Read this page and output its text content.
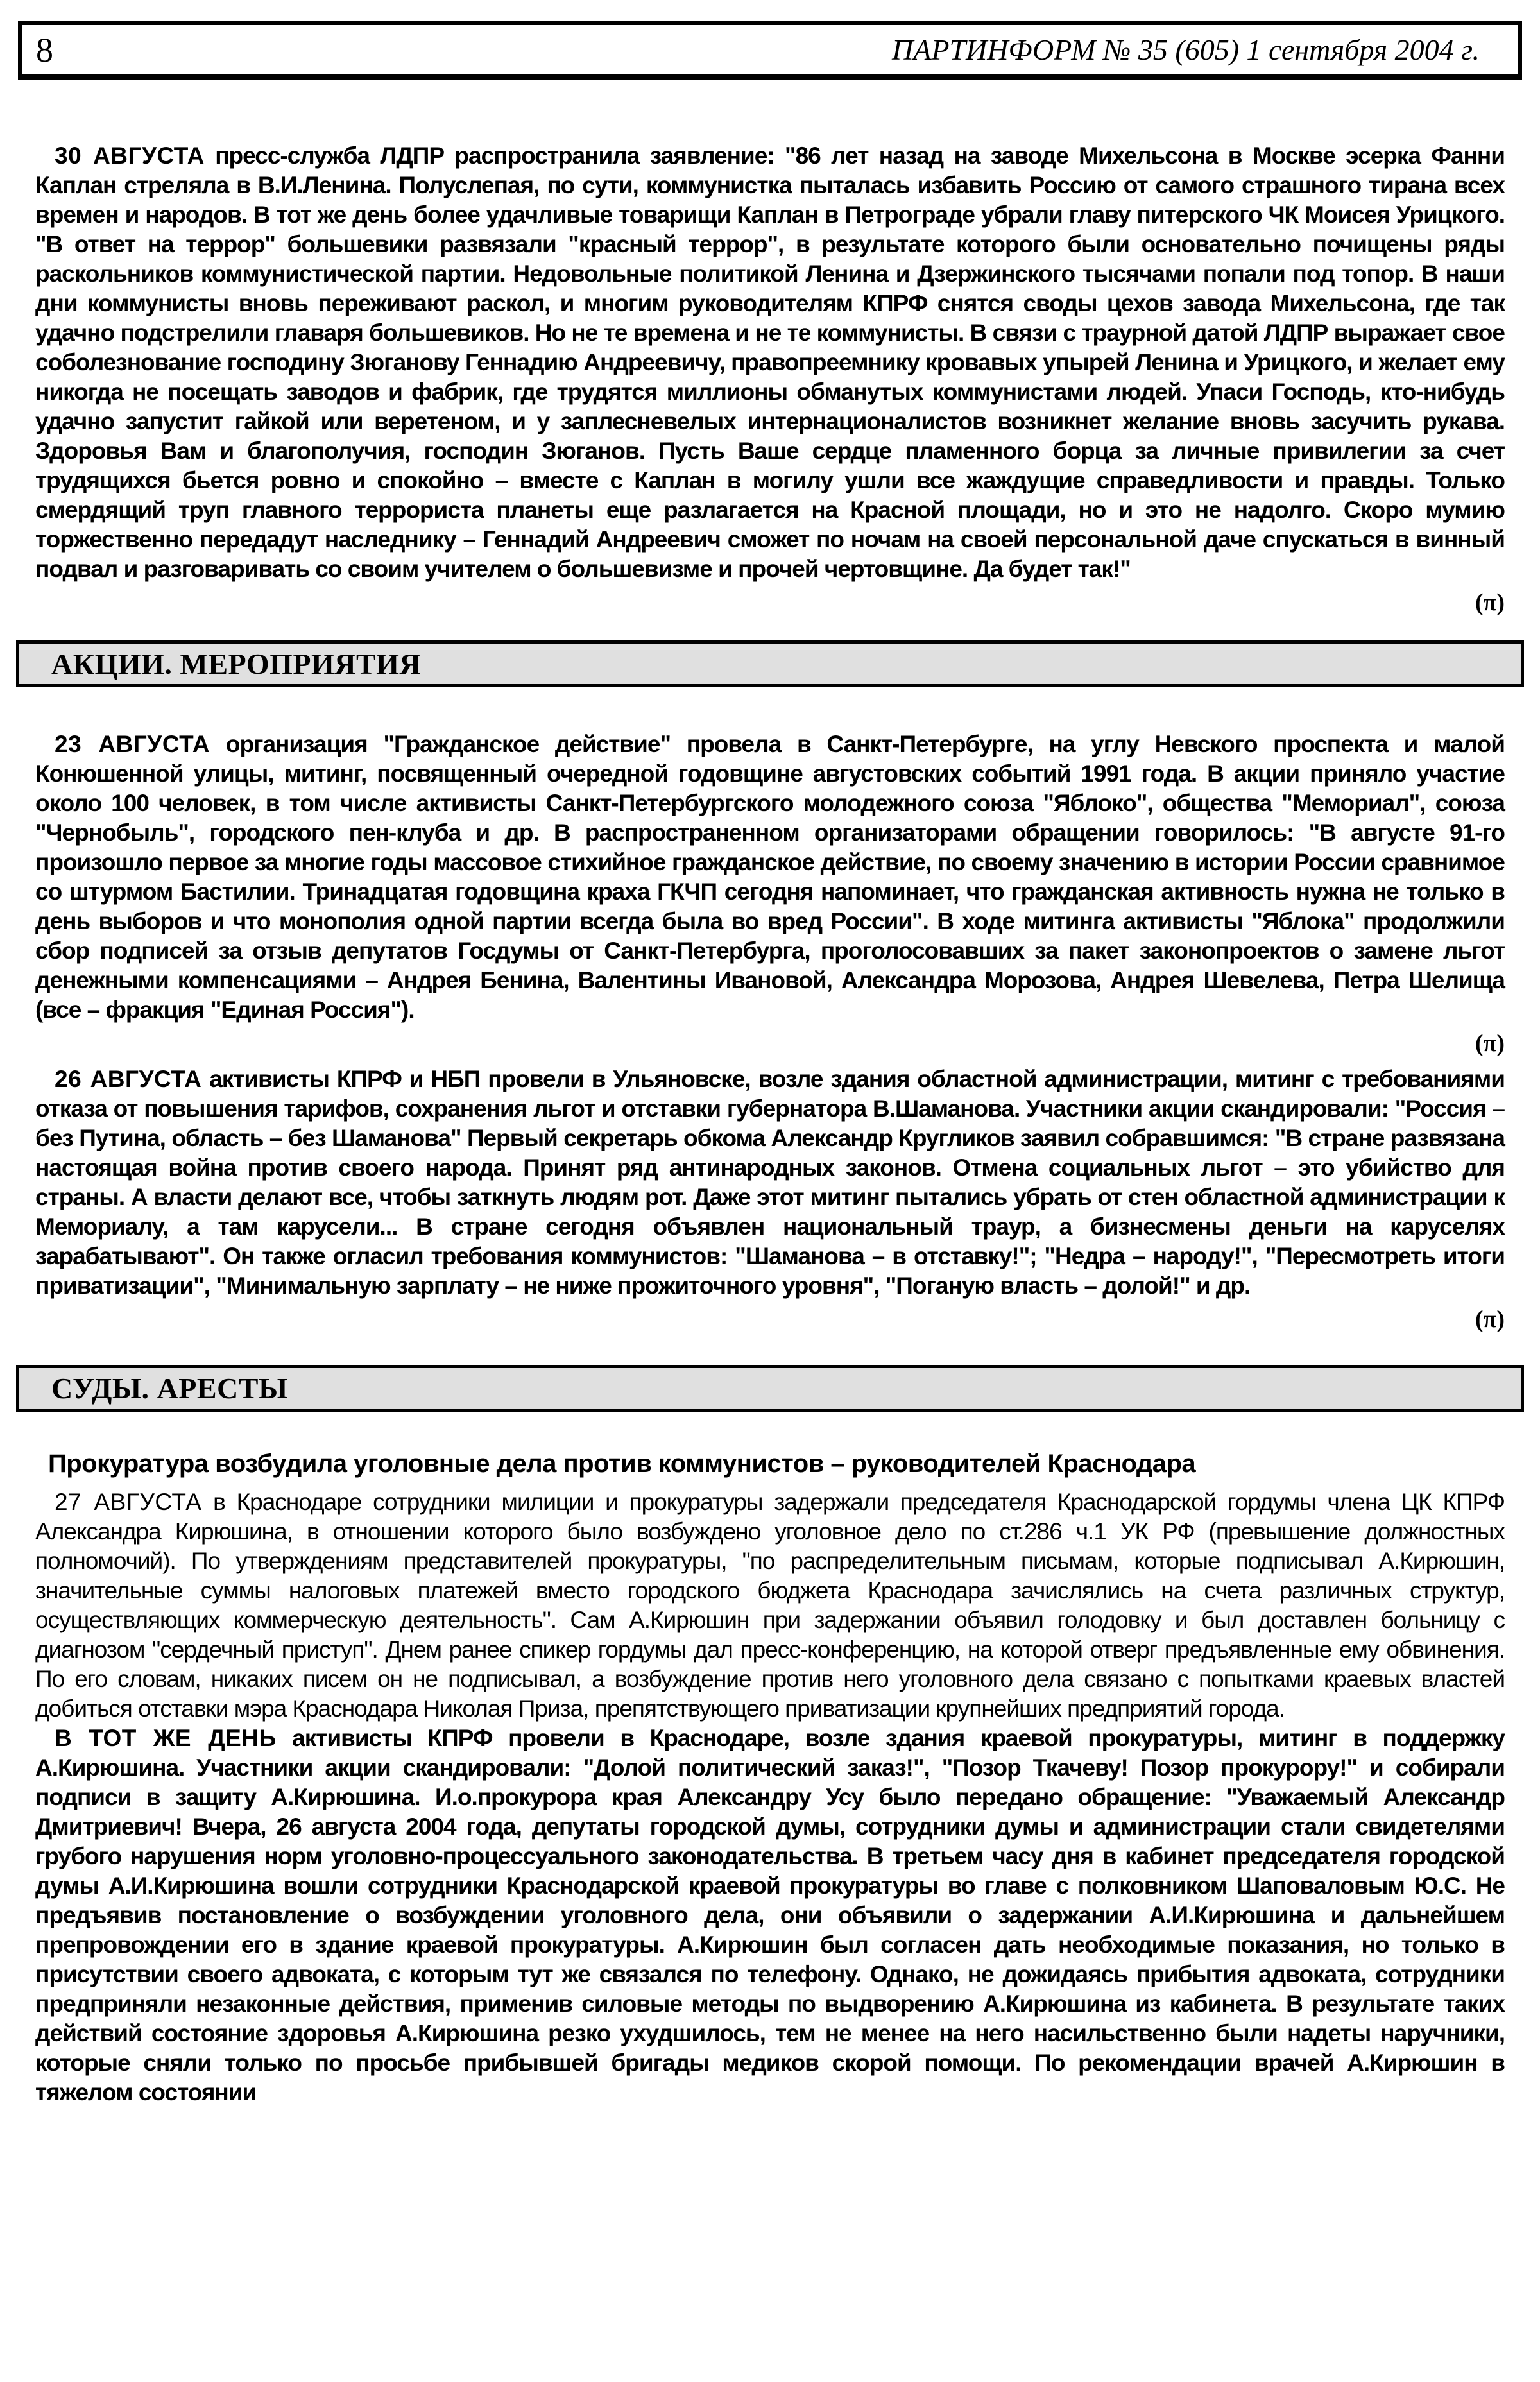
8	ПАРТИНФОРМ № 35 (605) 1 сентября 2004 г.

30 АВГУСТА пресс-служба ЛДПР распространила заявление: "86 лет назад на заводе Михельсона в Москве эсерка Фанни Каплан стреляла в В.И.Ленина. Полуслепая, по сути, коммунистка пыталась избавить Россию от самого страшного тирана всех времен и народов. В тот же день более удачливые товарищи Каплан в Петрограде убрали главу питерского ЧК Моисея Урицкого. "В ответ на террор" большевики развязали "красный террор", в результате которого были основательно почищены ряды раскольников коммунистической партии. Недовольные политикой Ленина и Дзержинского тысячами попали под топор. В наши дни коммунисты вновь переживают раскол, и многим руководителям КПРФ снятся своды цехов завода Михельсона, где так удачно подстрелили главаря большевиков. Но не те времена и не те коммунисты. В связи с траурной датой ЛДПР выражает свое соболезнование господину Зюганову Геннадию Андреевичу, правопреемнику кровавых упырей Ленина и Урицкого, и желает ему никогда не посещать заводов и фабрик, где трудятся миллионы обманутых коммунистами людей. Упаси Господь, кто-нибудь удачно запустит гайкой или веретеном, и у заплесневелых интернационалистов возникнет желание вновь засучить рукава. Здоровья Вам и благополучия, господин Зюганов. Пусть Ваше сердце пламенного борца за личные привилегии за счет трудящихся бьется ровно и спокойно – вместе с Каплан в могилу ушли все жаждущие справедливости и правды. Только смердящий труп главного террориста планеты еще разлагается на Красной площади, но и это не надолго. Скоро мумию торжественно передадут наследнику – Геннадий Андреевич сможет по ночам на своей персональной даче спускаться в винный подвал и разговаривать со своим учителем о большевизме и прочей чертовщине. Да будет так!"

(π)
АКЦИИ. МЕРОПРИЯТИЯ

23 АВГУСТА организация "Гражданское действие" провела в Санкт-Петербурге, на углу Невского проспекта и малой Конюшенной улицы, митинг, посвященный очередной годовщине августовских событий 1991 года. В акции приняло участие около 100 человек, в том числе активисты Санкт-Петербургского молодежного союза "Яблоко", общества "Мемориал", союза "Чернобыль", городского пен-клуба и др. В распространенном организаторами обращении говорилось: "В августе 91-го произошло первое за многие годы массовое стихийное гражданское действие, по своему значению в истории России сравнимое со штурмом Бастилии. Тринадцатая годовщина краха ГКЧП сегодня напоминает, что гражданская активность нужна не только в день выборов и что монополия одной партии всегда была во вред России". В ходе митинга активисты "Яблока" продолжили сбор подписей за отзыв депутатов Госдумы от Санкт-Петербурга, проголосовавших за пакет законопроектов о замене льгот денежными компенсациями – Андрея Бенина, Валентины Ивановой, Александра Морозова, Андрея Шевелева, Петра Шелища (все – фракция "Единая Россия").

(π)

26 АВГУСТА активисты КПРФ и НБП провели в Ульяновске, возле здания областной администрации, митинг с требованиями отказа от повышения тарифов, сохранения льгот и отставки губернатора В.Шаманова. Участники акции скандировали: "Россия – без Путина, область – без Шаманова" Первый секретарь обкома Александр Кругликов заявил собравшимся: "В стране развязана настоящая война против своего народа. Принят ряд антинародных законов. Отмена социальных льгот – это убийство для страны. А власти делают все, чтобы заткнуть людям рот. Даже этот митинг пытались убрать от стен областной администрации к Мемориалу, а там карусели... В стране сегодня объявлен национальный траур, а бизнесмены деньги на каруселях зарабатывают". Он также огласил требования коммунистов: "Шаманова – в отставку!"; "Недра – народу!", "Пересмотреть итоги приватизации", "Минимальную зарплату – не ниже прожиточного уровня", "Поганую власть – долой!" и др.

(π)
СУДЫ. АРЕСТЫ
Прокуратура возбудила уголовные дела против коммунистов – руководителей Краснодара

27 АВГУСТА в Краснодаре сотрудники милиции и прокуратуры задержали председателя Краснодарской гордумы члена ЦК КПРФ Александра Кирюшина, в отношении которого было возбуждено уголовное дело по ст.286 ч.1 УК РФ (превышение должностных полномочий). По утверждениям представителей прокуратуры, "по распределительным письмам, которые подписывал А.Кирюшин, значительные суммы налоговых платежей вместо городского бюджета Краснодара зачислялись на счета различных структур, осуществляющих коммерческую деятельность". Сам А.Кирюшин при задержании объявил голодовку и был доставлен больницу с диагнозом "сердечный приступ". Днем ранее спикер гордумы дал пресс-конференцию, на которой отверг предъявленные ему обвинения. По его словам, никаких писем он не подписывал, а возбуждение против него уголовного дела связано с попытками краевых властей добиться отставки мэра Краснодара Николая Приза, препятствующего приватизации крупнейших предприятий города.

В ТОТ ЖЕ ДЕНЬ активисты КПРФ провели в Краснодаре, возле здания краевой прокуратуры, митинг в поддержку А.Кирюшина. Участники акции скандировали: "Долой политический заказ!", "Позор Ткачеву! Позор прокурору!" и собирали подписи в защиту А.Кирюшина. И.о.прокурора края Александру Усу было передано обращение: "Уважаемый Александр Дмитриевич! Вчера, 26 августа 2004 года, депутаты городской думы, сотрудники думы и администрации стали свидетелями грубого нарушения норм уголовно-процессуального законодательства. В третьем часу дня в кабинет председателя городской думы А.И.Кирюшина вошли сотрудники Краснодарской краевой прокуратуры во главе с полковником Шаповаловым Ю.С. Не предъявив постановление о возбуждении уголовного дела, они объявили о задержании А.И.Кирюшина и дальнейшем препровождении его в здание краевой прокуратуры. А.Кирюшин был согласен дать необходимые показания, но только в присутствии своего адвоката, с которым тут же связался по телефону. Однако, не дожидаясь прибытия адвоката, сотрудники предприняли незаконные действия, применив силовые методы по выдворению А.Кирюшина из кабинета. В результате таких действий состояние здоровья А.Кирюшина резко ухудшилось, тем не менее на него насильственно были надеты наручники, которые сняли только по просьбе прибывшей бригады медиков скорой помощи. По рекомендации врачей А.Кирюшин в тяжелом состоянии
